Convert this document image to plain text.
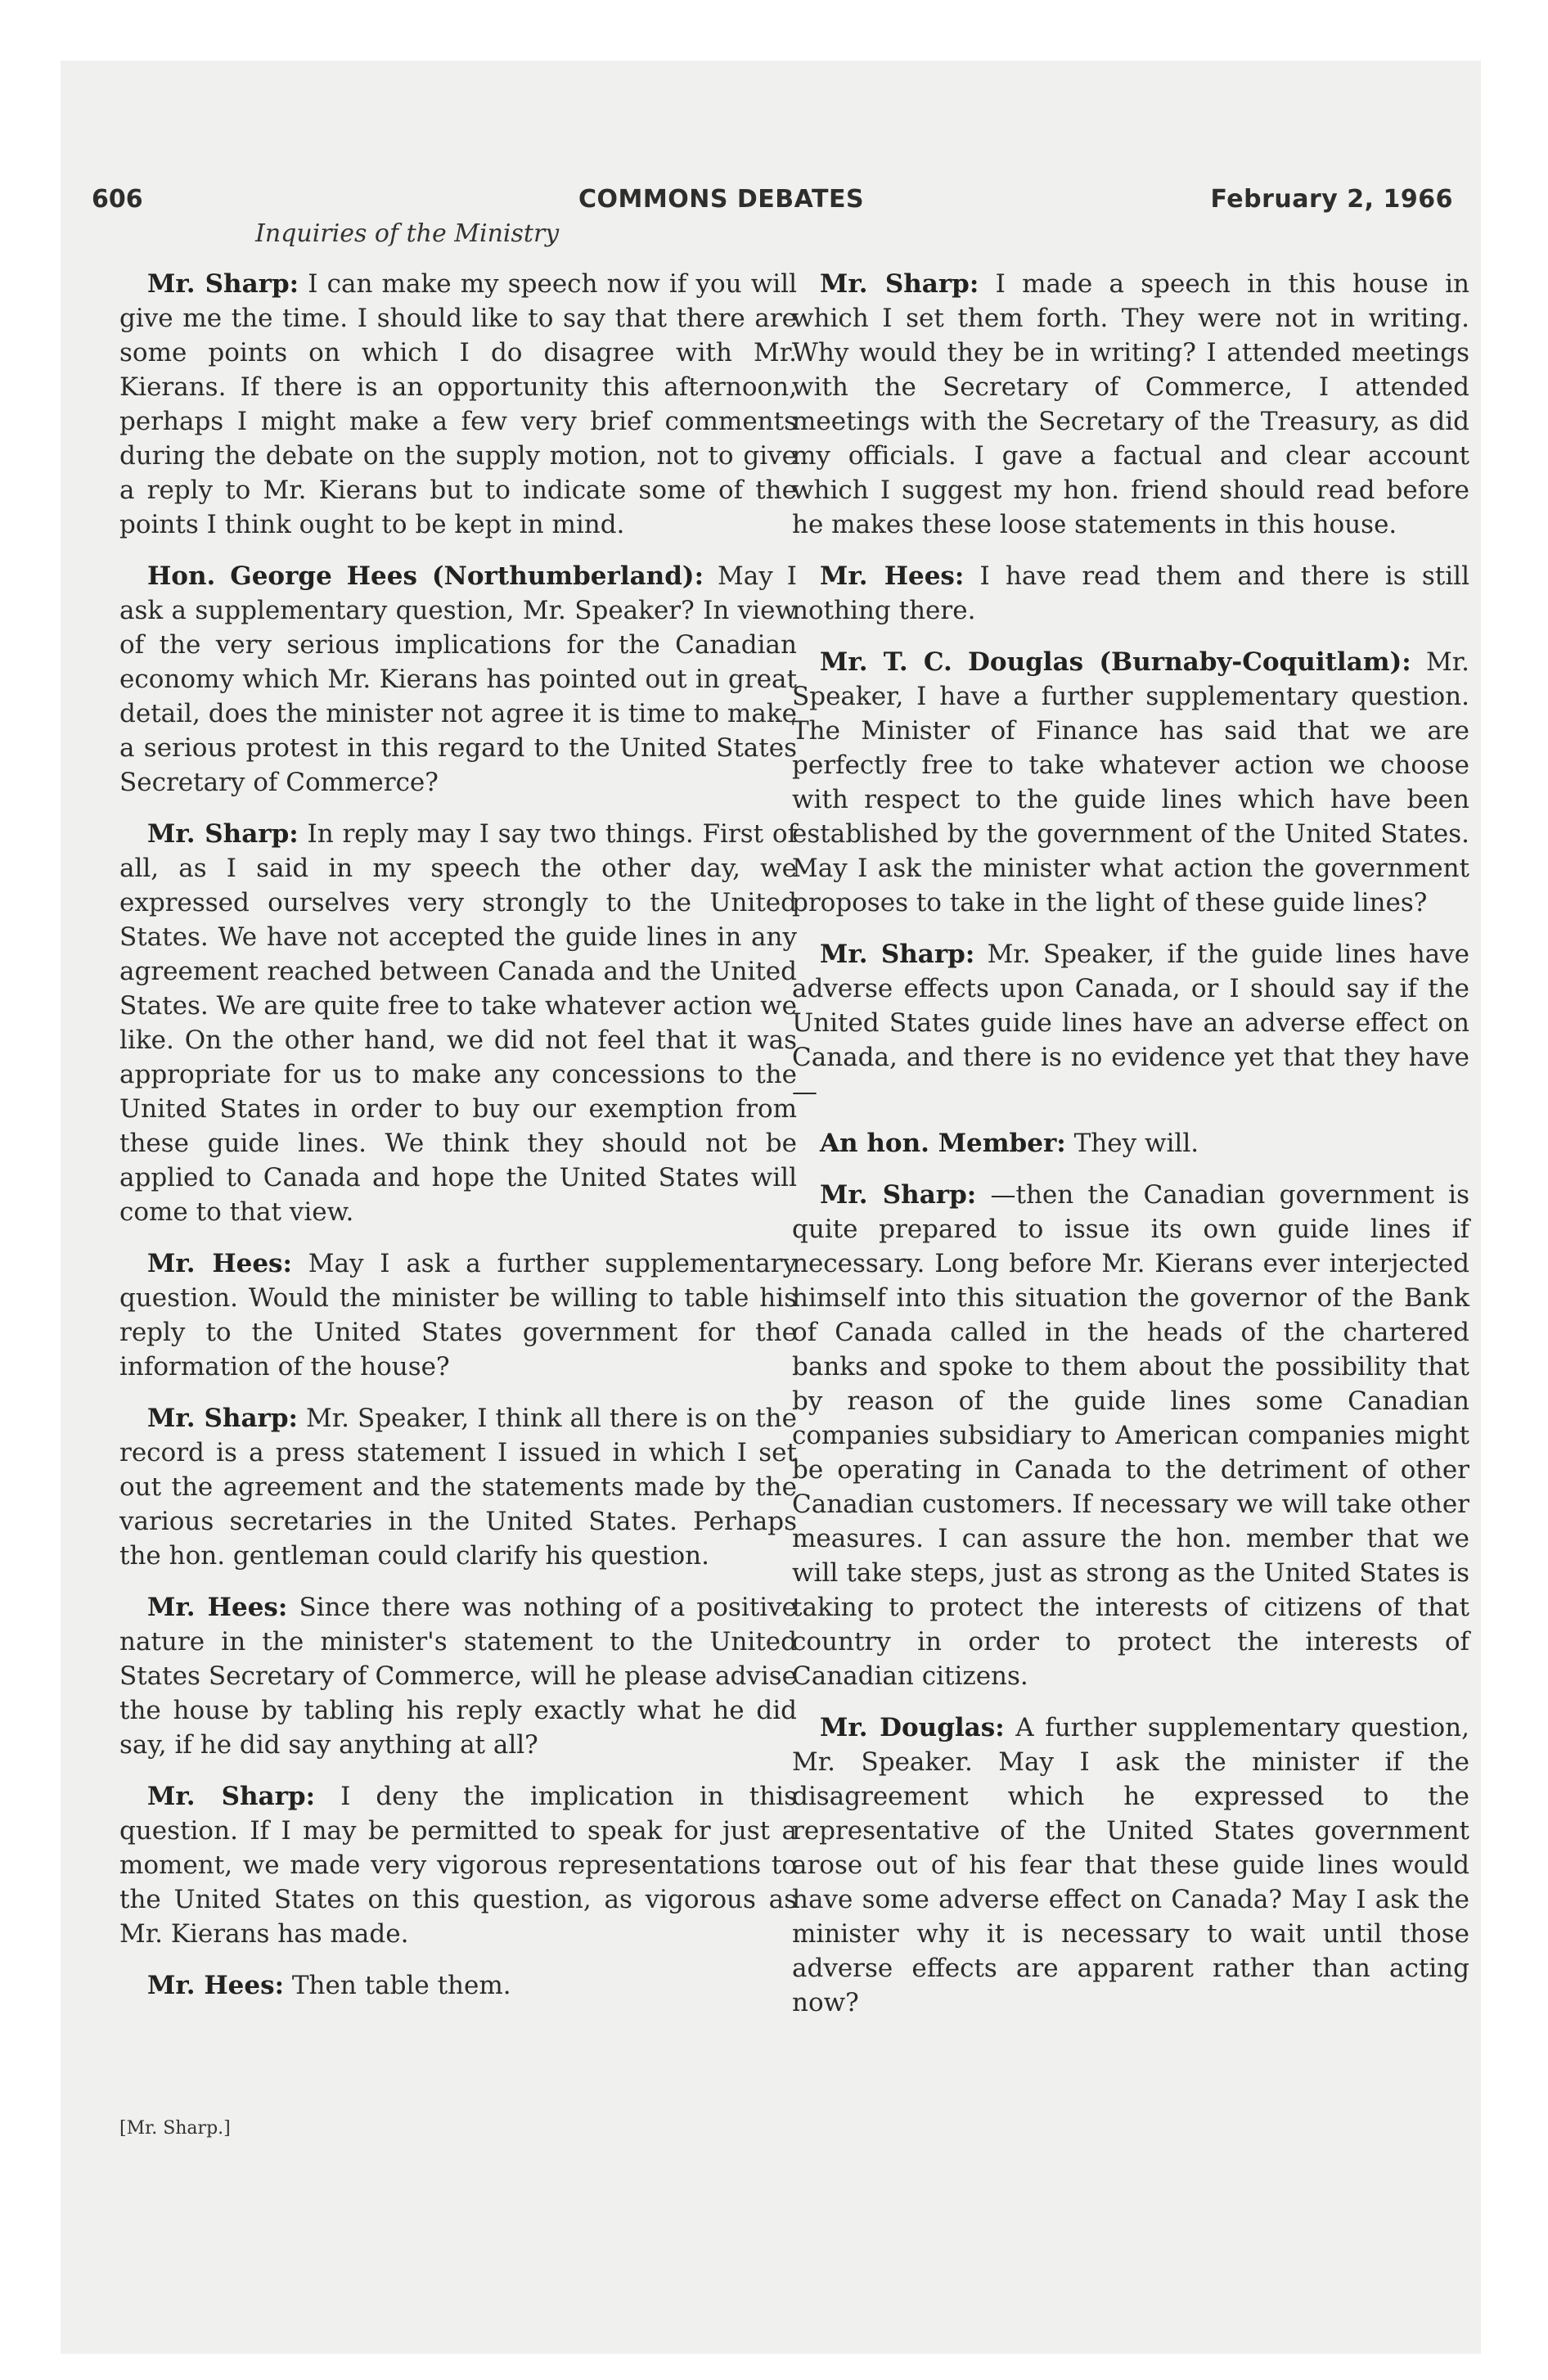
606	COMMONS DEBATES	February 2, 1966
Inquiries of the Ministry

Mr. Sharp: I can make my speech now if you will give me the time. I should like to say that there are some points on which I do disagree with Mr. Kierans. If there is an opportunity this afternoon, perhaps I might make a few very brief comments during the debate on the supply motion, not to give a reply to Mr. Kierans but to indicate some of the points I think ought to be kept in mind.

Hon. George Hees (Northumberland): May I ask a supplementary question, Mr. Speaker? In view of the very serious implications for the Canadian economy which Mr. Kierans has pointed out in great detail, does the minister not agree it is time to make a serious protest in this regard to the United States Secretary of Commerce?

Mr. Sharp: In reply may I say two things. First of all, as I said in my speech the other day, we expressed ourselves very strongly to the United States. We have not accepted the guide lines in any agreement reached between Canada and the United States. We are quite free to take whatever action we like. On the other hand, we did not feel that it was appropriate for us to make any concessions to the United States in order to buy our exemption from these guide lines. We think they should not be applied to Canada and hope the United States will come to that view.

Mr. Hees: May I ask a further supplementary question. Would the minister be willing to table his reply to the United States government for the information of the house?

Mr. Sharp: Mr. Speaker, I think all there is on the record is a press statement I issued in which I set out the agreement and the statements made by the various secretaries in the United States. Perhaps the hon. gentleman could clarify his question.

Mr. Hees: Since there was nothing of a positive nature in the minister's statement to the United States Secretary of Commerce, will he please advise the house by tabling his reply exactly what he did say, if he did say anything at all?

Mr. Sharp: I deny the implication in this question. If I may be permitted to speak for just a moment, we made very vigorous representations to the United States on this question, as vigorous as Mr. Kierans has made.

Mr. Hees: Then table them.

Mr. Sharp: I made a speech in this house in which I set them forth. They were not in writing. Why would they be in writing? I attended meetings with the Secretary of Commerce, I attended meetings with the Secretary of the Treasury, as did my officials. I gave a factual and clear account which I suggest my hon. friend should read before he makes these loose statements in this house.

Mr. Hees: I have read them and there is still nothing there.

Mr. T. C. Douglas (Burnaby-Coquitlam): Mr. Speaker, I have a further supplementary question. The Minister of Finance has said that we are perfectly free to take whatever action we choose with respect to the guide lines which have been established by the government of the United States. May I ask the minister what action the government proposes to take in the light of these guide lines?

Mr. Sharp: Mr. Speaker, if the guide lines have adverse effects upon Canada, or I should say if the United States guide lines have an adverse effect on Canada, and there is no evidence yet that they have—

An hon. Member: They will.

Mr. Sharp: —then the Canadian government is quite prepared to issue its own guide lines if necessary. Long before Mr. Kierans ever interjected himself into this situation the governor of the Bank of Canada called in the heads of the chartered banks and spoke to them about the possibility that by reason of the guide lines some Canadian companies subsidiary to American companies might be operating in Canada to the detriment of other Canadian customers. If necessary we will take other measures. I can assure the hon. member that we will take steps, just as strong as the United States is taking to protect the interests of citizens of that country in order to protect the interests of Canadian citizens.

Mr. Douglas: A further supplementary question, Mr. Speaker. May I ask the minister if the disagreement which he expressed to the representative of the United States government arose out of his fear that these guide lines would have some adverse effect on Canada? May I ask the minister why it is necessary to wait until those adverse effects are apparent rather than acting now?

[Mr. Sharp.]
